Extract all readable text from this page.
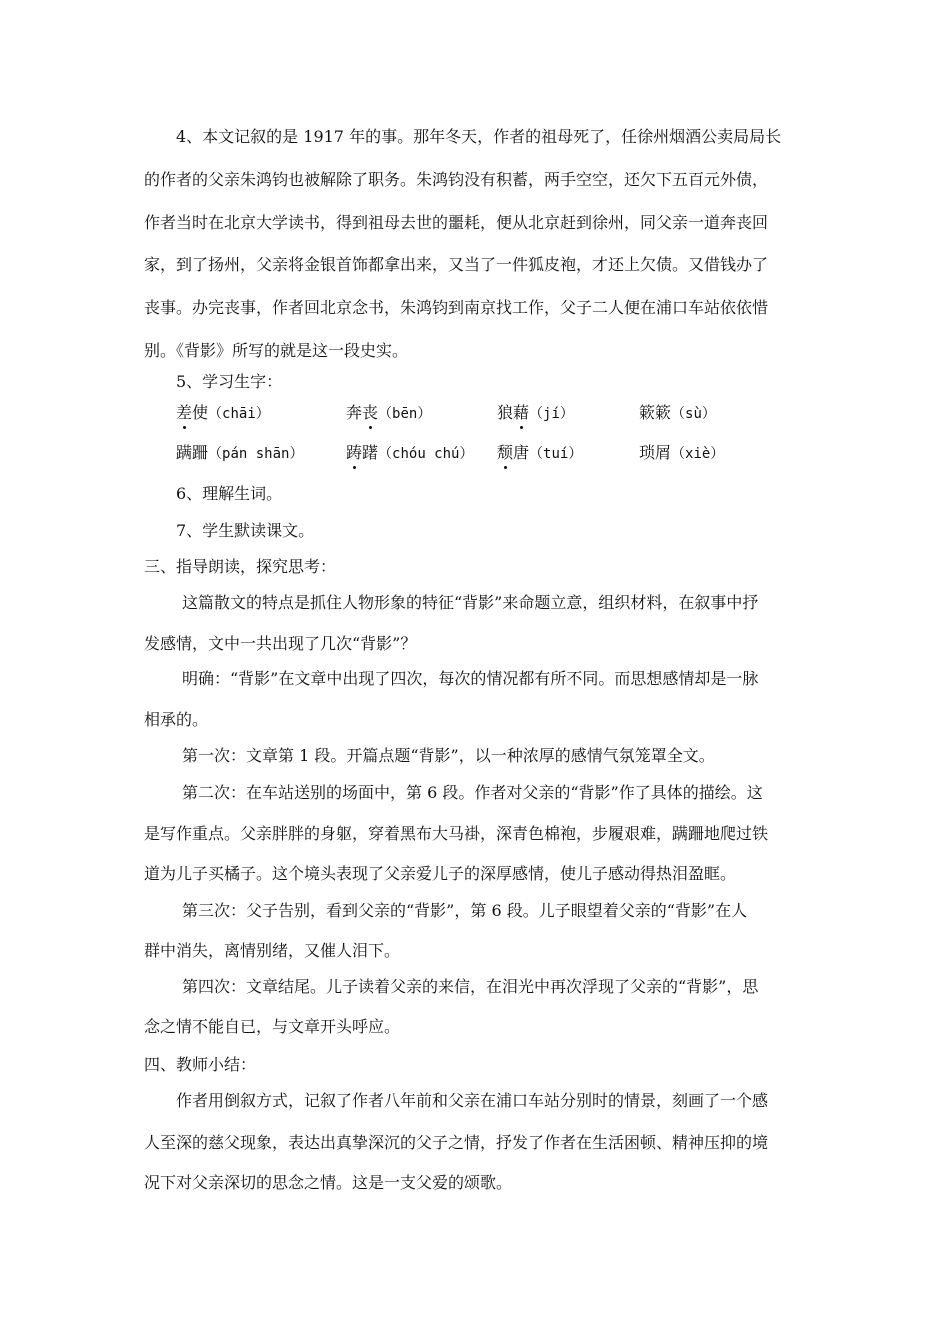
4、本文记叙的是 1917 年的事。那年冬天，作者的祖母死了，任徐州烟酒公卖局局长
的作者的父亲朱鸿钧也被解除了职务。朱鸿钧没有积蓄，两手空空，还欠下五百元外债，
作者当时在北京大学读书，得到祖母去世的噩耗，便从北京赶到徐州，同父亲一道奔丧回
家，到了扬州，父亲将金银首饰都拿出来，又当了一件狐皮袍，才还上欠债。又借钱办了
丧事。办完丧事，作者回北京念书，朱鸿钧到南京找工作，父子二人便在浦口车站依依惜
别。《背影》所写的就是这一段史实。
5、学习生字：
差使（chāi）	奔丧（bēn）	狼藉（jí）	簌簌（sù）
蹒跚（pán shān）	踌躇（chóu chú） 颓唐（tuí）	琐屑（xiè）
6、理解生词。
7、学生默读课文。
三、指导朗读，探究思考：
这篇散文的特点是抓住人物形象的特征“背影”来命题立意，组织材料，在叙事中抒
发感情，文中一共出现了几次“背影”？
明确：“背影”在文章中出现了四次，每次的情况都有所不同。而思想感情却是一脉
相承的。
第一次：文章第 1 段。开篇点题“背影”，以一种浓厚的感情气氛笼罩全文。
第二次：在车站送别的场面中，第 6 段。作者对父亲的“背影”作了具体的描绘。这
是写作重点。父亲胖胖的身躯，穿着黑布大马褂，深青色棉袍，步履艰难，蹒跚地爬过铁
道为儿子买橘子。这个境头表现了父亲爱儿子的深厚感情，使儿子感动得热泪盈眶。
第三次：父子告别，看到父亲的“背影”，第 6 段。儿子眼望着父亲的“背影”在人
群中消失，离情别绪，又催人泪下。
第四次：文章结尾。儿子读着父亲的来信，在泪光中再次浮现了父亲的“背影”，思
念之情不能自已，与文章开头呼应。
四、教师小结：
作者用倒叙方式，记叙了作者八年前和父亲在浦口车站分别时的情景，刻画了一个感
人至深的慈父现象，表达出真挚深沉的父子之情，抒发了作者在生活困顿、精神压抑的境
况下对父亲深切的思念之情。这是一支父爱的颂歌。
